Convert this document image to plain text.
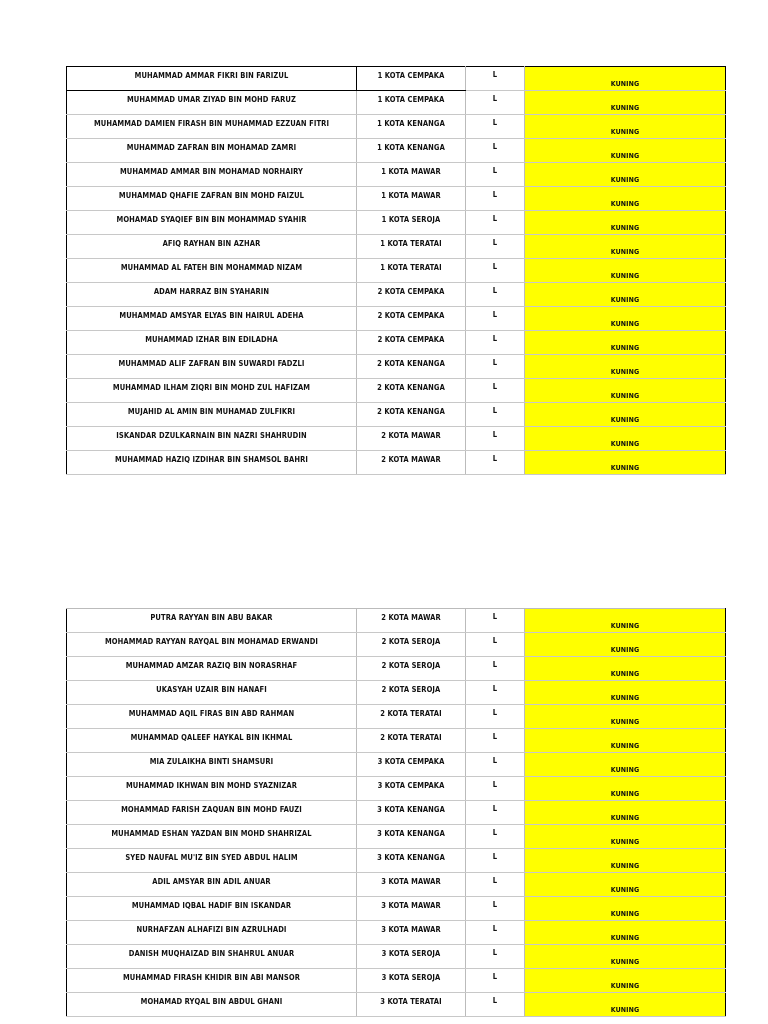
MUHAMMAD AMMAR FIKRI BIN FARIZUL	1 KOTA CEMPAKA	L	KUNING
MUHAMMAD UMAR ZIYAD BIN MOHD FARUZ	1 KOTA CEMPAKA	L	KUNING
MUHAMMAD DAMIEN FIRASH BIN MUHAMMAD EZZUAN FITRI	1 KOTA KENANGA	L	KUNING
MUHAMMAD ZAFRAN BIN MOHAMAD ZAMRI	1 KOTA KENANGA	L	KUNING
MUHAMMAD AMMAR BIN MOHAMAD NORHAIRY	1 KOTA MAWAR	L	KUNING
MUHAMMAD QHAFIE ZAFRAN BIN MOHD FAIZUL	1 KOTA MAWAR	L	KUNING
MOHAMAD SYAQIEF BIN BIN MOHAMMAD SYAHIR	1 KOTA SEROJA	L	KUNING
AFIQ RAYHAN BIN AZHAR	1 KOTA TERATAI	L	KUNING
MUHAMMAD AL FATEH BIN MOHAMMAD NIZAM	1 KOTA TERATAI	L	KUNING
ADAM HARRAZ BIN SYAHARIN	2 KOTA CEMPAKA	L	KUNING
MUHAMMAD AMSYAR ELYAS BIN HAIRUL ADEHA	2 KOTA CEMPAKA	L	KUNING
MUHAMMAD IZHAR BIN EDILADHA	2 KOTA CEMPAKA	L	KUNING
MUHAMMAD ALIF ZAFRAN BIN SUWARDI FADZLI	2 KOTA KENANGA	L	KUNING
MUHAMMAD ILHAM ZIQRI BIN MOHD ZUL HAFIZAM	2 KOTA KENANGA	L	KUNING
MUJAHID AL AMIN BIN MUHAMAD ZULFIKRI	2 KOTA KENANGA	L	KUNING
ISKANDAR DZULKARNAIN BIN NAZRI SHAHRUDIN	2 KOTA MAWAR	L	KUNING
MUHAMMAD HAZIQ IZDIHAR BIN SHAMSOL BAHRI	2 KOTA MAWAR	L	KUNING
PUTRA RAYYAN BIN ABU BAKAR	2 KOTA MAWAR	L	KUNING
MOHAMMAD RAYYAN RAYQAL BIN MOHAMAD ERWANDI	2 KOTA SEROJA	L	KUNING
MUHAMMAD AMZAR RAZIQ BIN NORASRHAF	2 KOTA SEROJA	L	KUNING
UKASYAH UZAIR BIN HANAFI	2 KOTA SEROJA	L	KUNING
MUHAMMAD AQIL FIRAS BIN ABD RAHMAN	2 KOTA TERATAI	L	KUNING
MUHAMMAD QALEEF HAYKAL BIN IKHMAL	2 KOTA TERATAI	L	KUNING
MIA ZULAIKHA BINTI SHAMSURI	3 KOTA CEMPAKA	L	KUNING
MUHAMMAD IKHWAN BIN MOHD SYAZNIZAR	3 KOTA CEMPAKA	L	KUNING
MOHAMMAD FARISH ZAQUAN BIN MOHD FAUZI	3 KOTA KENANGA	L	KUNING
MUHAMMAD ESHAN YAZDAN BIN MOHD SHAHRIZAL	3 KOTA KENANGA	L	KUNING
SYED NAUFAL MU'IZ BIN SYED ABDUL HALIM	3 KOTA KENANGA	L	KUNING
ADIL AMSYAR BIN ADIL ANUAR	3 KOTA MAWAR	L	KUNING
MUHAMMAD IQBAL HADIF BIN ISKANDAR	3 KOTA MAWAR	L	KUNING
NURHAFZAN ALHAFIZI BIN AZRULHADI	3 KOTA MAWAR	L	KUNING
DANISH MUQHAIZAD BIN SHAHRUL ANUAR	3 KOTA SEROJA	L	KUNING
MUHAMMAD FIRASH KHIDIR BIN ABI MANSOR	3 KOTA SEROJA	L	KUNING
MOHAMAD RYQAL BIN ABDUL GHANI	3 KOTA TERATAI	L	KUNING
